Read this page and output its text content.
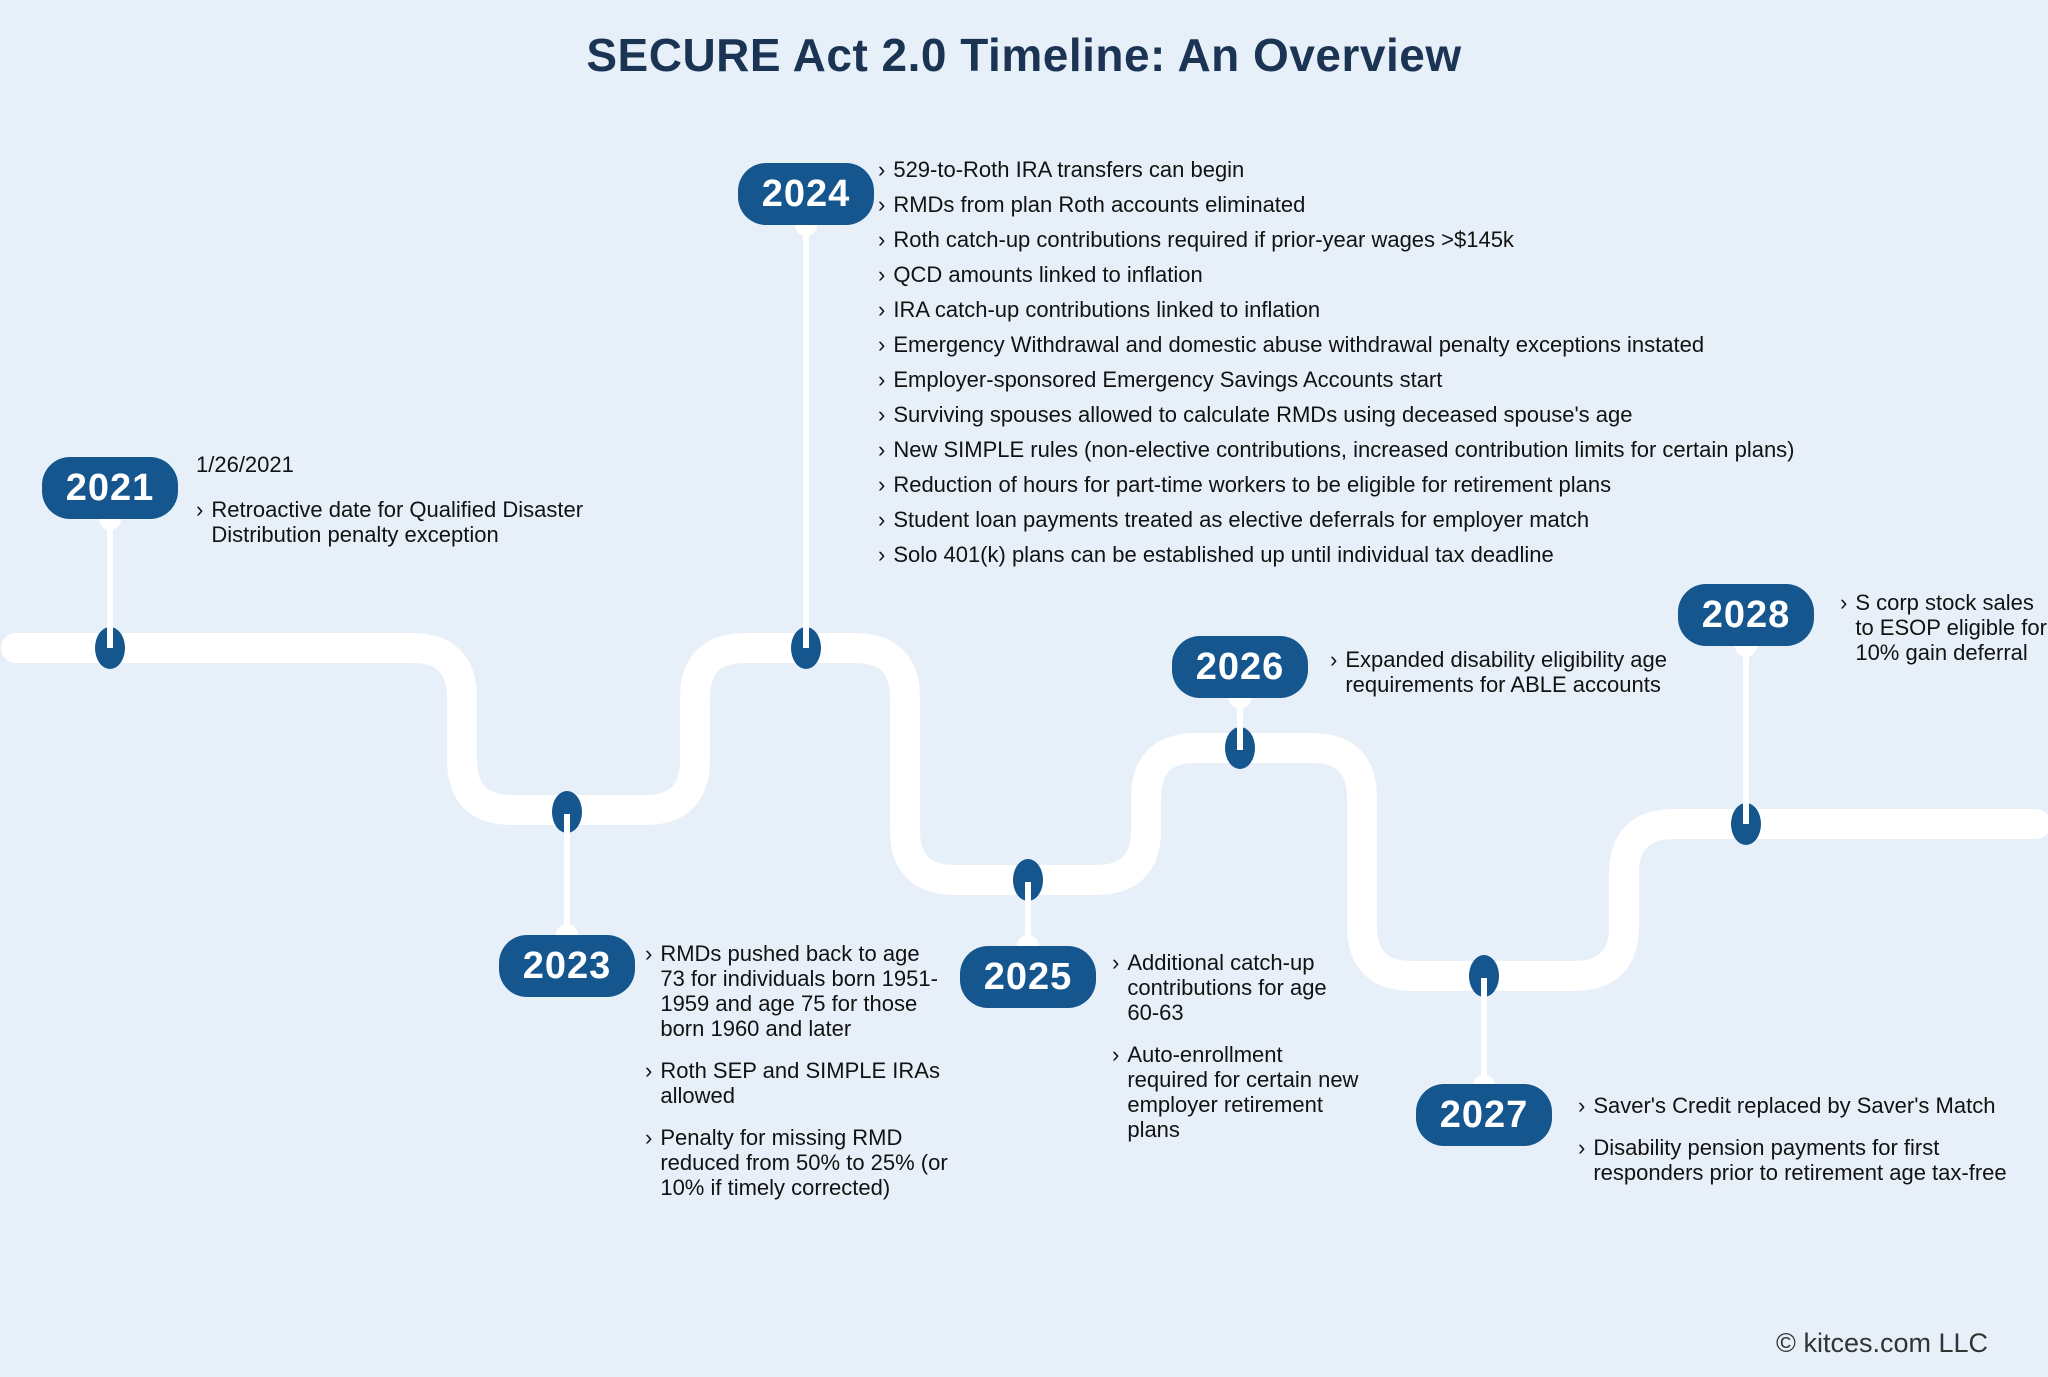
SECURE Act 2.0 Timeline: An Overview
2021
2023
2024
2025
2026
2027
2028
1/26/2021
› Retroactive date for Qualified Disaster Distribution penalty exception
› RMDs pushed back to age 73 for individuals born 1951-1959 and age 75 for those born 1960 and later
› Roth SEP and SIMPLE IRAs allowed
› Penalty for missing RMD reduced from 50% to 25% (or 10% if timely corrected)
› 529-to-Roth IRA transfers can begin
› RMDs from plan Roth accounts eliminated
› Roth catch-up contributions required if prior-year wages >$145k
› QCD amounts linked to inflation
› IRA catch-up contributions linked to inflation
› Emergency Withdrawal and domestic abuse withdrawal penalty exceptions instated
› Employer-sponsored Emergency Savings Accounts start
› Surviving spouses allowed to calculate RMDs using deceased spouse's age
› New SIMPLE rules (non-elective contributions, increased contribution limits for certain plans)
› Reduction of hours for part-time workers to be eligible for retirement plans
› Student loan payments treated as elective deferrals for employer match
› Solo 401(k) plans can be established up until individual tax deadline
› Additional catch-up contributions for age 60-63
› Auto-enrollment required for certain new employer retirement plans
› Expanded disability eligibility age requirements for ABLE accounts
› Saver's Credit replaced by Saver's Match
› Disability pension payments for first responders prior to retirement age tax-free
› S corp stock sales to ESOP eligible for 10% gain deferral
© kitces.com LLC
